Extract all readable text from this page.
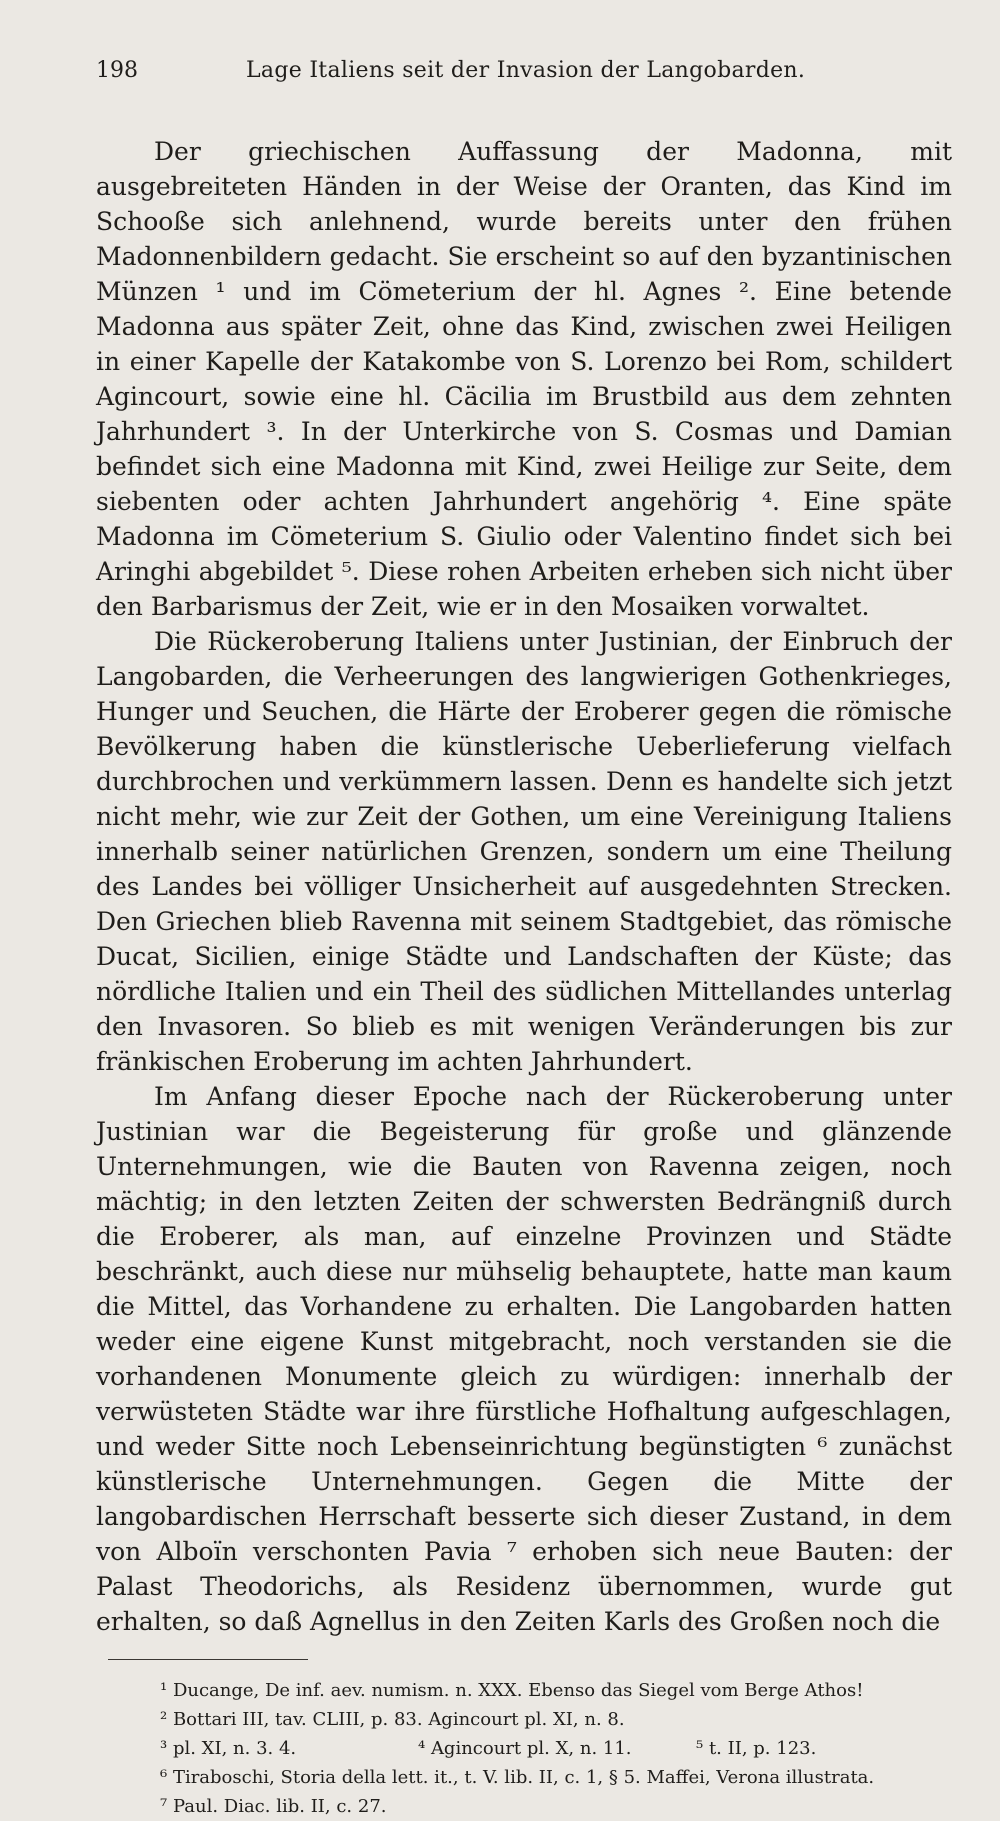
198	Lage Italiens seit der Invasion der Langobarden.

Der griechischen Auffassung der Madonna, mit ausgebreiteten Händen in der Weise der Oranten, das Kind im Schooße sich anlehnend, wurde bereits unter den frühen Madonnenbildern gedacht. Sie erscheint so auf den byzantinischen Münzen ¹ und im Cömeterium der hl. Agnes ². Eine betende Madonna aus später Zeit, ohne das Kind, zwischen zwei Heiligen in einer Kapelle der Katakombe von S. Lorenzo bei Rom, schildert Agincourt, sowie eine hl. Cäcilia im Brustbild aus dem zehnten Jahrhundert ³. In der Unterkirche von S. Cosmas und Damian befindet sich eine Madonna mit Kind, zwei Heilige zur Seite, dem siebenten oder achten Jahrhundert angehörig ⁴. Eine späte Madonna im Cömeterium S. Giulio oder Valentino findet sich bei Aringhi abgebildet ⁵. Diese rohen Arbeiten erheben sich nicht über den Barbarismus der Zeit, wie er in den Mosaiken vorwaltet.

Die Rückeroberung Italiens unter Justinian, der Einbruch der Langobarden, die Verheerungen des langwierigen Gothenkrieges, Hunger und Seuchen, die Härte der Eroberer gegen die römische Bevölkerung haben die künstlerische Ueberlieferung vielfach durchbrochen und verkümmern lassen. Denn es handelte sich jetzt nicht mehr, wie zur Zeit der Gothen, um eine Vereinigung Italiens innerhalb seiner natürlichen Grenzen, sondern um eine Theilung des Landes bei völliger Unsicherheit auf ausgedehnten Strecken. Den Griechen blieb Ravenna mit seinem Stadtgebiet, das römische Ducat, Sicilien, einige Städte und Landschaften der Küste; das nördliche Italien und ein Theil des südlichen Mittellandes unterlag den Invasoren. So blieb es mit wenigen Veränderungen bis zur fränkischen Eroberung im achten Jahrhundert.

Im Anfang dieser Epoche nach der Rückeroberung unter Justinian war die Begeisterung für große und glänzende Unternehmungen, wie die Bauten von Ravenna zeigen, noch mächtig; in den letzten Zeiten der schwersten Bedrängniß durch die Eroberer, als man, auf einzelne Provinzen und Städte beschränkt, auch diese nur mühselig behauptete, hatte man kaum die Mittel, das Vorhandene zu erhalten. Die Langobarden hatten weder eine eigene Kunst mitgebracht, noch verstanden sie die vorhandenen Monumente gleich zu würdigen: innerhalb der verwüsteten Städte war ihre fürstliche Hofhaltung aufgeschlagen, und weder Sitte noch Lebenseinrichtung begünstigten ⁶ zunächst künstlerische Unternehmungen. Gegen die Mitte der langobardischen Herrschaft besserte sich dieser Zustand, in dem von Alboïn verschonten Pavia ⁷ erhoben sich neue Bauten: der Palast Theodorichs, als Residenz übernommen, wurde gut erhalten, so daß Agnellus in den Zeiten Karls des Großen noch die

¹ Ducange, De inf. aev. numism. n. XXX. Ebenso das Siegel vom Berge Athos!

² Bottari III, tav. CLIII, p. 83. Agincourt pl. XI, n. 8.

³ pl. XI, n. 3. 4.	⁴ Agincourt pl. X, n. 11.	⁵ t. II, p. 123.

⁶ Tiraboschi, Storia della lett. it., t. V. lib. II, c. 1, § 5. Maffei, Verona illustrata.

⁷ Paul. Diac. lib. II, c. 27.
